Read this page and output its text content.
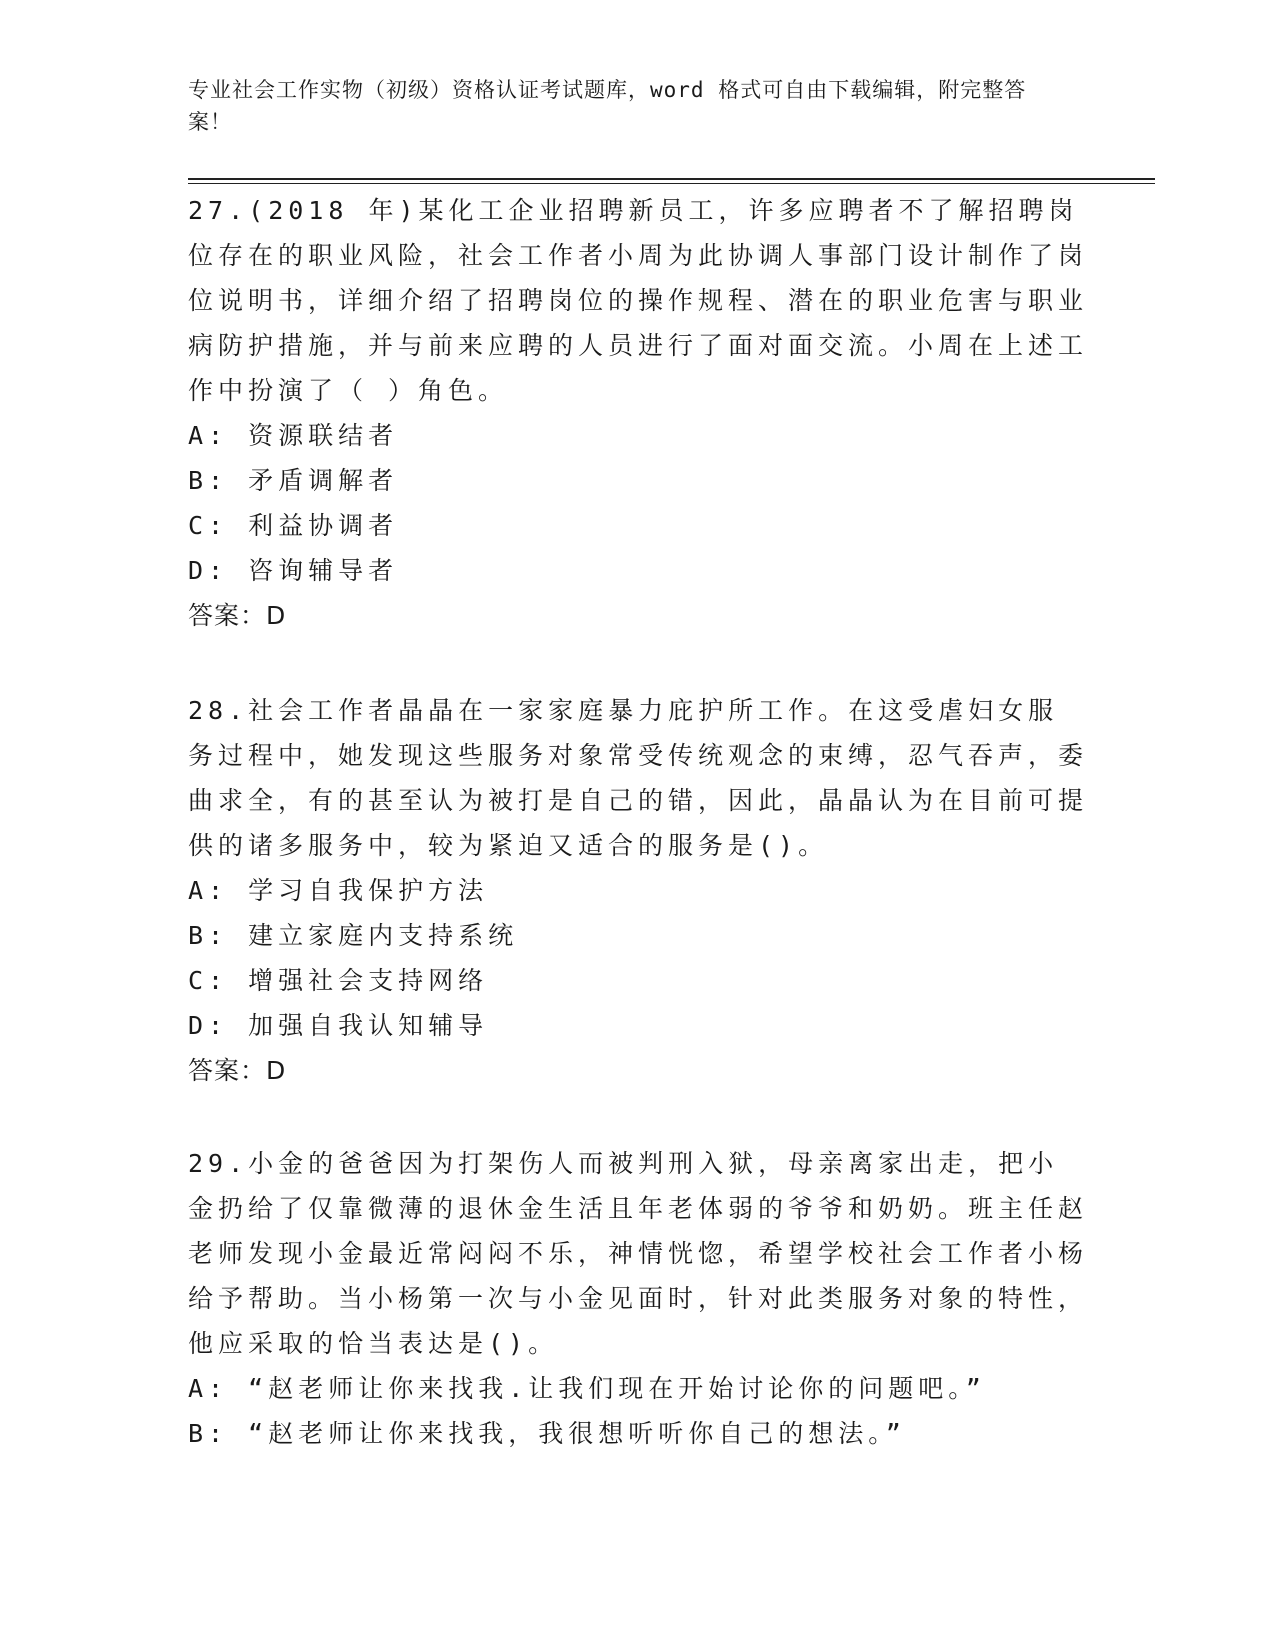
专业社会工作实物（初级）资格认证考试题库，word 格式可自由下载编辑，附完整答案！

27.(2018 年)某化工企业招聘新员工，许多应聘者不了解招聘岗位存在的职业风险，社会工作者小周为此协调人事部门设计制作了岗位说明书，详细介绍了招聘岗位的操作规程、潜在的职业危害与职业病防护措施，并与前来应聘的人员进行了面对面交流。小周在上述工作中扮演了（ ）角色。

A: 资源联结者

B: 矛盾调解者

C: 利益协调者

D: 咨询辅导者

答案：D

28.社会工作者晶晶在一家家庭暴力庇护所工作。在这受虐妇女服务过程中，她发现这些服务对象常受传统观念的束缚，忍气吞声，委曲求全，有的甚至认为被打是自己的错，因此，晶晶认为在目前可提供的诸多服务中，较为紧迫又适合的服务是()。

A: 学习自我保护方法

B: 建立家庭内支持系统

C: 增强社会支持网络

D: 加强自我认知辅导

答案：D

29.小金的爸爸因为打架伤人而被判刑入狱，母亲离家出走，把小金扔给了仅靠微薄的退休金生活且年老体弱的爷爷和奶奶。班主任赵老师发现小金最近常闷闷不乐，神情恍惚，希望学校社会工作者小杨给予帮助。当小杨第一次与小金见面时，针对此类服务对象的特性，他应采取的恰当表达是()。

A: “赵老师让你来找我.让我们现在开始讨论你的问题吧。”

B: “赵老师让你来找我，我很想听听你自己的想法。”
